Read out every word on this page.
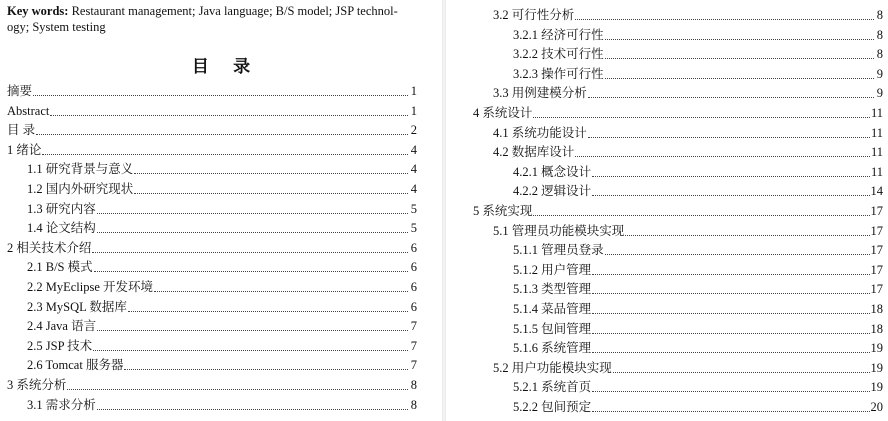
Key words: Restaurant management; Java language; B/S model; JSP technol-
ogy; System testing
目 录
摘要	1
Abstract	1
目 录	2
1 绪论	4
1.1 研究背景与意义	4
1.2 国内外研究现状	4
1.3 研究内容	5
1.4 论文结构	5
2 相关技术介绍	6
2.1 B/S 模式	6
2.2 MyEclipse 开发环境	6
2.3 MySQL 数据库	6
2.4 Java 语言	7
2.5 JSP 技术	7
2.6 Tomcat 服务器	7
3 系统分析	8
3.1 需求分析	8
3.2 可行性分析	8
3.2.1 经济可行性	8
3.2.2 技术可行性	8
3.2.3 操作可行性	9
3.3 用例建模分析	9
4 系统设计	11
4.1 系统功能设计	11
4.2 数据库设计	11
4.2.1 概念设计	11
4.2.2 逻辑设计	14
5 系统实现	17
5.1 管理员功能模块实现	17
5.1.1 管理员登录	17
5.1.2 用户管理	17
5.1.3 类型管理	17
5.1.4 菜品管理	18
5.1.5 包间管理	18
5.1.6 系统管理	19
5.2 用户功能模块实现	19
5.2.1 系统首页	19
5.2.2 包间预定	20
